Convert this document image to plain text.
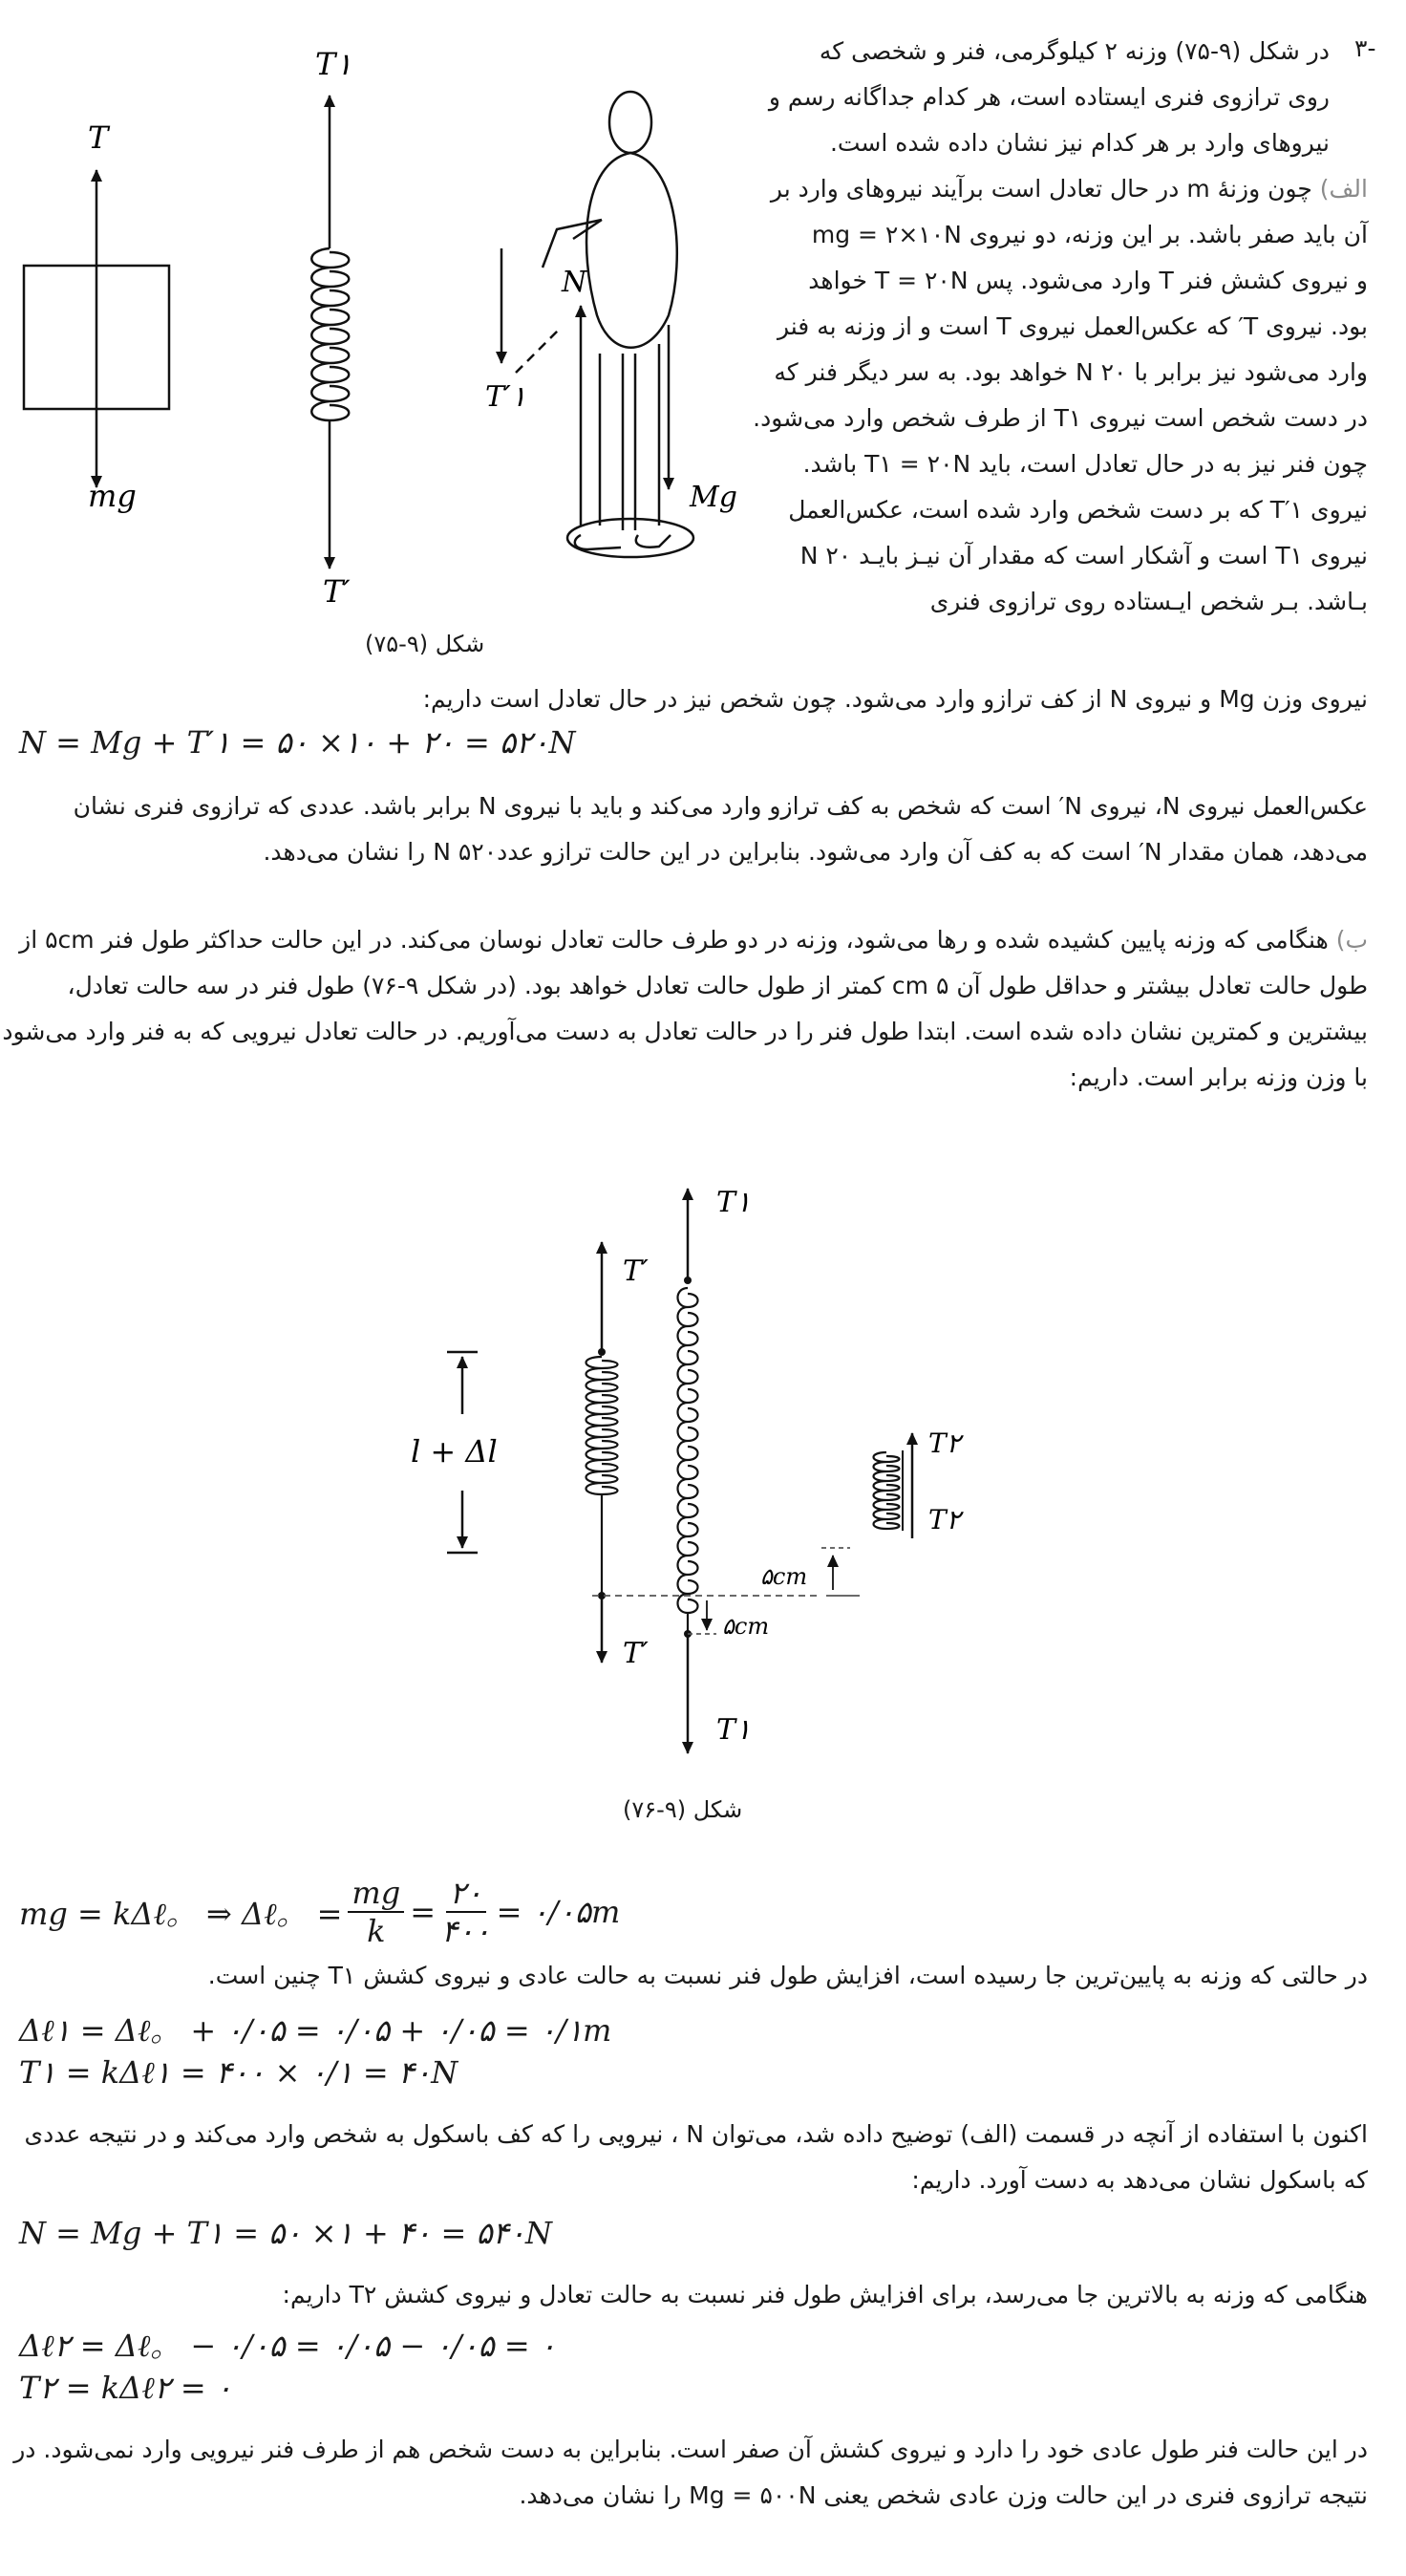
-۳
در شکل (۹-۷۵) وزنه ۲ کیلوگرمی، فنر و شخصی که
روی ترازوی فنری ایستاده است، هر کدام جداگانه رسم و
نیروهای وارد بر هر کدام نیز نشان داده شده است.
الف) چون وزنهٔ m در حال تعادل است برآیند نیروهای وارد بر
آن باید صفر باشد. بر این وزنه، دو نیروی mg = ۲×۱۰N
و نیروی کشش فنر T وارد می‌شود. پس T = ۲۰N خواهد
بود. نیروی T′ که عکس‌العمل نیروی T است و از وزنه به فنر
وارد می‌شود نیز برابر با ۲۰ N خواهد بود. به سر دیگر فنر که
در دست شخص است نیروی T۱ از طرف شخص وارد می‌شود.
چون فنر نیز به در حال تعادل است، باید T۱ = ۲۰N باشد.
نیروی T′۱ که بر دست شخص وارد شده است، عکس‌العمل
نیروی T۱ است و آشکار است که مقدار آن نیـز بایـد ۲۰ N
بـاشد. بـر شخص ایـستاده روی ترازوی فنری
T
mg
T۱
T′
N
T′۱
Mg
شکل (۹-۷۵)
نیروی وزن Mg و نیروی N از کف ترازو وارد می‌شود. چون شخص نیز در حال تعادل است داریم:
N = Mg + T′۱ = ۵۰ ×۱۰ + ۲۰ = ۵۲۰N
عکس‌العمل نیروی N، نیروی N′ است که شخص به کف ترازو وارد می‌کند و باید با نیروی N برابر باشد. عددی که ترازوی فنری نشان
می‌دهد، همان مقدار N′ است که به کف آن وارد می‌شود. بنابراین در این حالت ترازو عدد۵۲۰ N را نشان می‌دهد.
ب) هنگامی که وزنه پایین کشیده شده و رها می‌شود، وزنه در دو طرف حالت تعادل نوسان می‌کند. در این حالت حداکثر طول فنر ۵cm از
طول حالت تعادل بیشتر و حداقل طول آن ۵ cm کمتر از طول حالت تعادل خواهد بود. (در شکل ۹-۷۶) طول فنر در سه حالت تعادل،
بیشترین و کمترین نشان داده شده است. ابتدا طول فنر را در حالت تعادل به دست می‌آوریم. در حالت تعادل نیرویی که به فنر وارد می‌شود
با وزن وزنه برابر است. داریم:
T′
T′
l + Δl
T۱
T۱
۵cm
۵cm
T۲
T۲
شکل (۹-۷۶)
mg = kΔℓ。 ⇒ Δℓ。 = $\frac{mg}{k}$ =
۲۰
۴۰۰
= ۰/۰۵m
در حالتی که وزنه به پایین‌ترین جا رسیده است، افزایش طول فنر نسبت به حالت عادی و نیروی کشش T۱ چنین است.
Δℓ۱ = Δℓ。 + ۰/۰۵ = ۰/۰۵ + ۰/۰۵ = ۰/۱m
T۱ = kΔℓ۱ = ۴۰۰ × ۰/۱ = ۴۰N
اکنون با استفاده از آنچه در قسمت (الف) توضیح داده شد، می‌توان N ، نیرویی را که کف باسکول به شخص وارد می‌کند و در نتیجه عددی
که باسکول نشان می‌دهد به دست آورد. داریم:
N = Mg + T۱ = ۵۰ ×۱ + ۴۰ = ۵۴۰N
هنگامی که وزنه به بالاترین جا می‌رسد، برای افزایش طول فنر نسبت به حالت تعادل و نیروی کشش T۲ داریم:
Δℓ۲ = Δℓ。 − ۰/۰۵ = ۰/۰۵ − ۰/۰۵ = ۰
T۲ = kΔℓ۲ = ۰
در این حالت فنر طول عادی خود را دارد و نیروی کشش آن صفر است. بنابراین به دست شخص هم از طرف فنر نیرویی وارد نمی‌شود. در
نتیجه ترازوی فنری در این حالت وزن عادی شخص یعنی Mg = ۵۰۰N را نشان می‌دهد.
